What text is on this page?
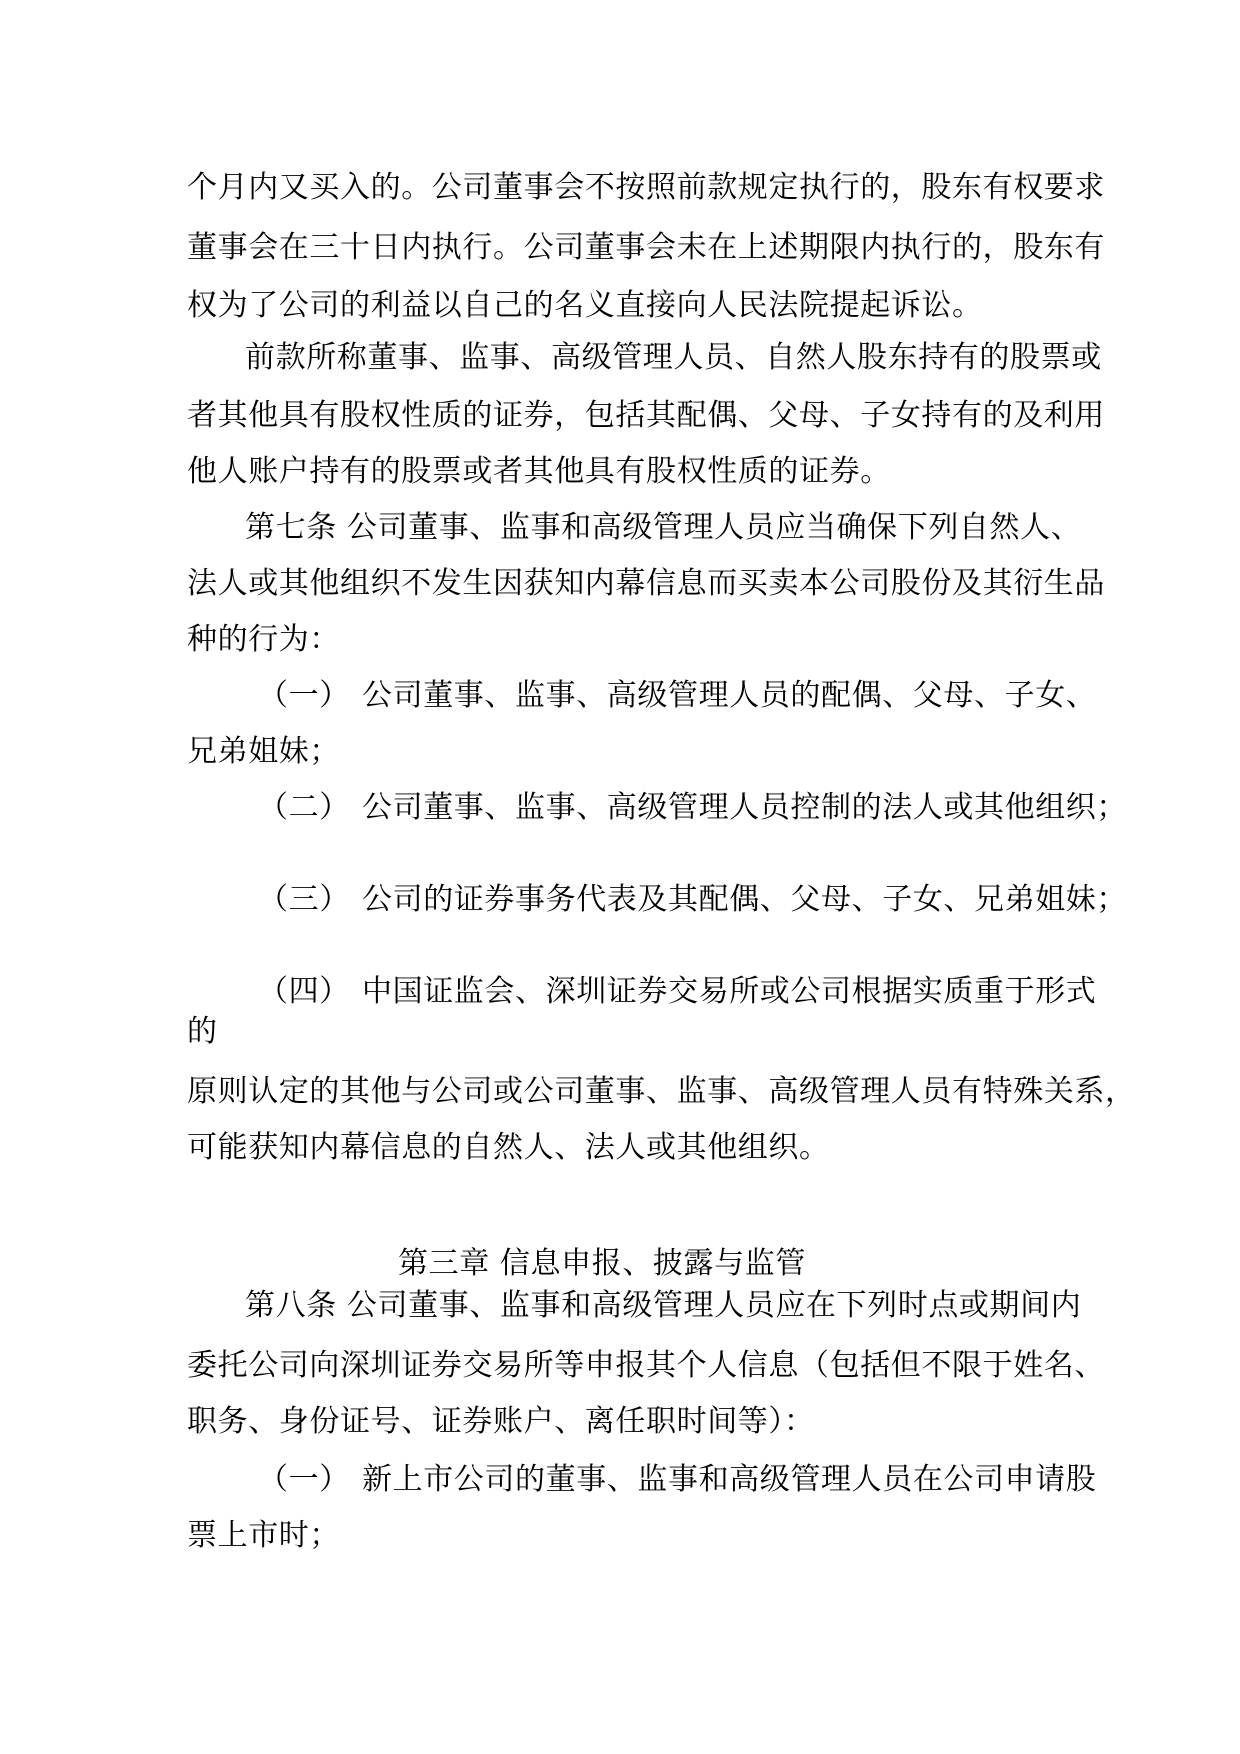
个月内又买入的。公司董事会不按照前款规定执行的，股东有权要求
董事会在三十日内执行。公司董事会未在上述期限内执行的，股东有
权为了公司的利益以自己的名义直接向人民法院提起诉讼。
前款所称董事、监事、高级管理人员、自然人股东持有的股票或
者其他具有股权性质的证券，包括其配偶、父母、子女持有的及利用
他人账户持有的股票或者其他具有股权性质的证券。
第七条 公司董事、监事和高级管理人员应当确保下列自然人、
法人或其他组织不发生因获知内幕信息而买卖本公司股份及其衍生品
种的行为：
（一） 公司董事、监事、高级管理人员的配偶、父母、子女、
兄弟姐妹；
（二） 公司董事、监事、高级管理人员控制的法人或其他组织；
（三） 公司的证券事务代表及其配偶、父母、子女、兄弟姐妹；
（四） 中国证监会、深圳证券交易所或公司根据实质重于形式
的
原则认定的其他与公司或公司董事、监事、高级管理人员有特殊关系，
可能获知内幕信息的自然人、法人或其他组织。
第三章 信息申报、披露与监管
第八条 公司董事、监事和高级管理人员应在下列时点或期间内
委托公司向深圳证券交易所等申报其个人信息（包括但不限于姓名、
职务、身份证号、证券账户、离任职时间等）：
（一） 新上市公司的董事、监事和高级管理人员在公司申请股
票上市时；
